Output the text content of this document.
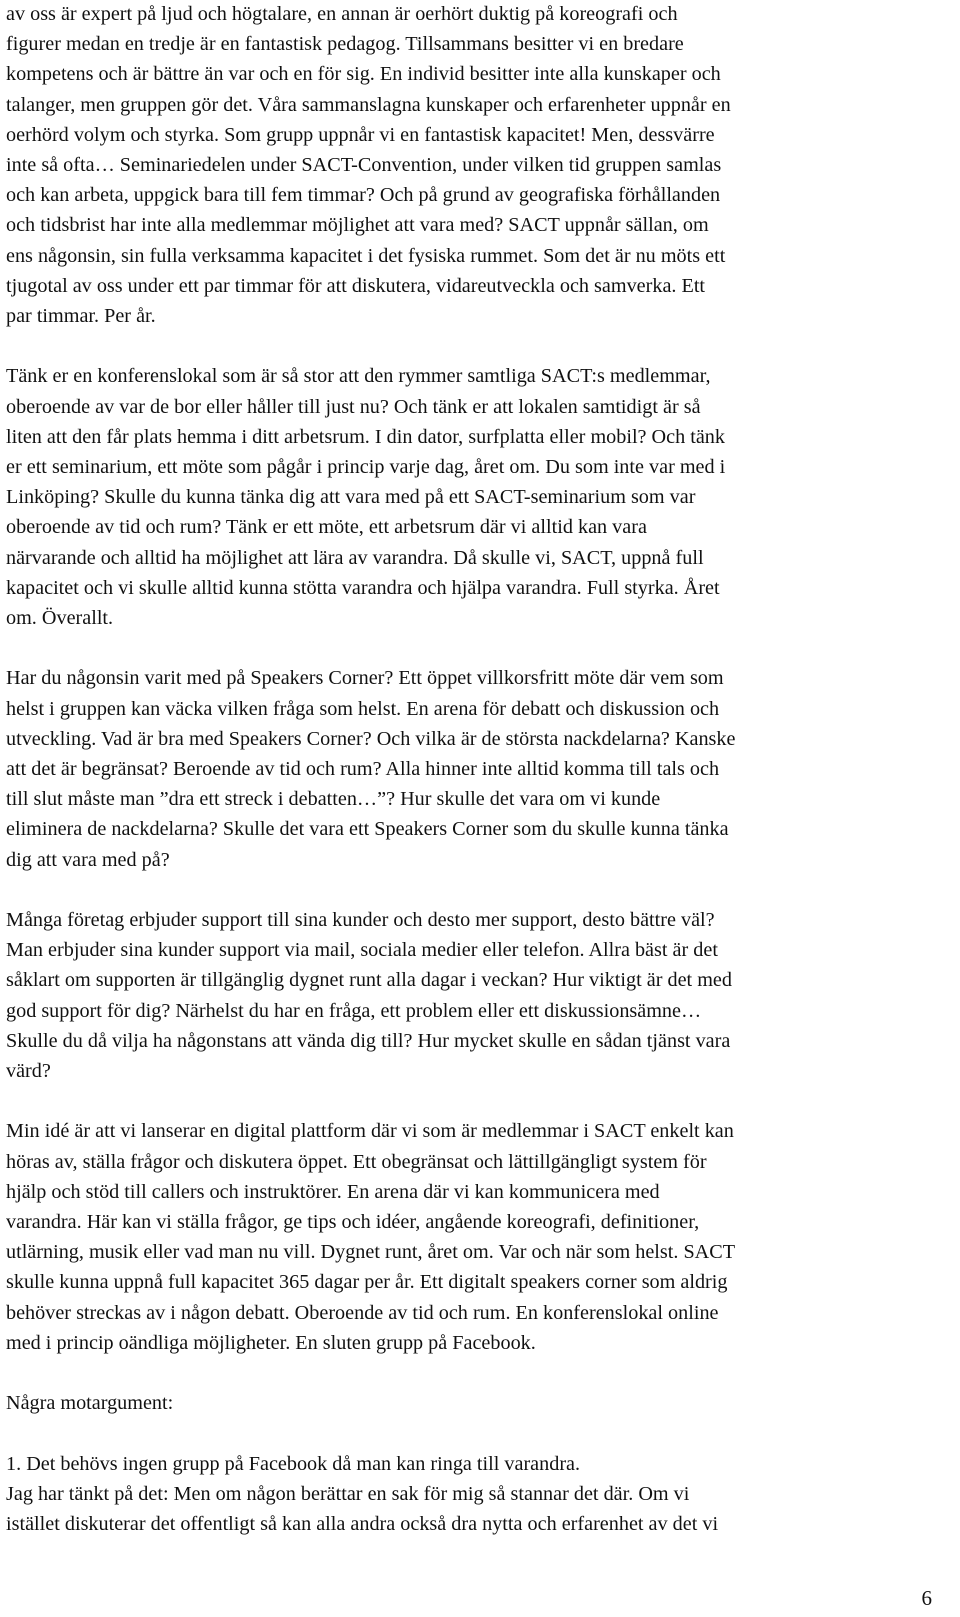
av oss är expert på ljud och högtalare, en annan är oerhört duktig på koreografi och
figurer medan en tredje är en fantastisk pedagog. Tillsammans besitter vi en bredare
kompetens och är bättre än var och en för sig. En individ besitter inte alla kunskaper och
talanger, men gruppen gör det. Våra sammanslagna kunskaper och erfarenheter uppnår en
oerhörd volym och styrka. Som grupp uppnår vi en fantastisk kapacitet! Men, dessvärre
inte så ofta… Seminariedelen under SACT-Convention, under vilken tid gruppen samlas
och kan arbeta, uppgick bara till fem timmar? Och på grund av geografiska förhållanden
och tidsbrist har inte alla medlemmar möjlighet att vara med? SACT uppnår sällan, om
ens någonsin, sin fulla verksamma kapacitet i det fysiska rummet. Som det är nu möts ett
tjugotal av oss under ett par timmar för att diskutera, vidareutveckla och samverka. Ett
par timmar. Per år.

Tänk er en konferenslokal som är så stor att den rymmer samtliga SACT:s medlemmar,
oberoende av var de bor eller håller till just nu? Och tänk er att lokalen samtidigt är så
liten att den får plats hemma i ditt arbetsrum. I din dator, surfplatta eller mobil? Och tänk
er ett seminarium, ett möte som pågår i princip varje dag, året om. Du som inte var med i
Linköping? Skulle du kunna tänka dig att vara med på ett SACT-seminarium som var
oberoende av tid och rum? Tänk er ett möte, ett arbetsrum där vi alltid kan vara
närvarande och alltid ha möjlighet att lära av varandra. Då skulle vi, SACT, uppnå full
kapacitet och vi skulle alltid kunna stötta varandra och hjälpa varandra. Full styrka. Året
om. Överallt.

Har du någonsin varit med på Speakers Corner? Ett öppet villkorsfritt möte där vem som
helst i gruppen kan väcka vilken fråga som helst. En arena för debatt och diskussion och
utveckling. Vad är bra med Speakers Corner? Och vilka är de största nackdelarna? Kanske
att det är begränsat? Beroende av tid och rum? Alla hinner inte alltid komma till tals och
till slut måste man ”dra ett streck i debatten…”? Hur skulle det vara om vi kunde
eliminera de nackdelarna? Skulle det vara ett Speakers Corner som du skulle kunna tänka
dig att vara med på?

Många företag erbjuder support till sina kunder och desto mer support, desto bättre väl?
Man erbjuder sina kunder support via mail, sociala medier eller telefon. Allra bäst är det
såklart om supporten är tillgänglig dygnet runt alla dagar i veckan? Hur viktigt är det med
god support för dig? Närhelst du har en fråga, ett problem eller ett diskussionsämne…
Skulle du då vilja ha någonstans att vända dig till? Hur mycket skulle en sådan tjänst vara
värd?

Min idé är att vi lanserar en digital plattform där vi som är medlemmar i SACT enkelt kan
höras av, ställa frågor och diskutera öppet. Ett obegränsat och lättillgängligt system för
hjälp och stöd till callers och instruktörer. En arena där vi kan kommunicera med
varandra. Här kan vi ställa frågor, ge tips och idéer, angående koreografi, definitioner,
utlärning, musik eller vad man nu vill. Dygnet runt, året om. Var och när som helst. SACT
skulle kunna uppnå full kapacitet 365 dagar per år. Ett digitalt speakers corner som aldrig
behöver streckas av i någon debatt. Oberoende av tid och rum. En konferenslokal online
med i princip oändliga möjligheter. En sluten grupp på Facebook.

Några motargument:

1. Det behövs ingen grupp på Facebook då man kan ringa till varandra.
Jag har tänkt på det: Men om någon berättar en sak för mig så stannar det där. Om vi
istället diskuterar det offentligt så kan alla andra också dra nytta och erfarenhet av det vi

6
